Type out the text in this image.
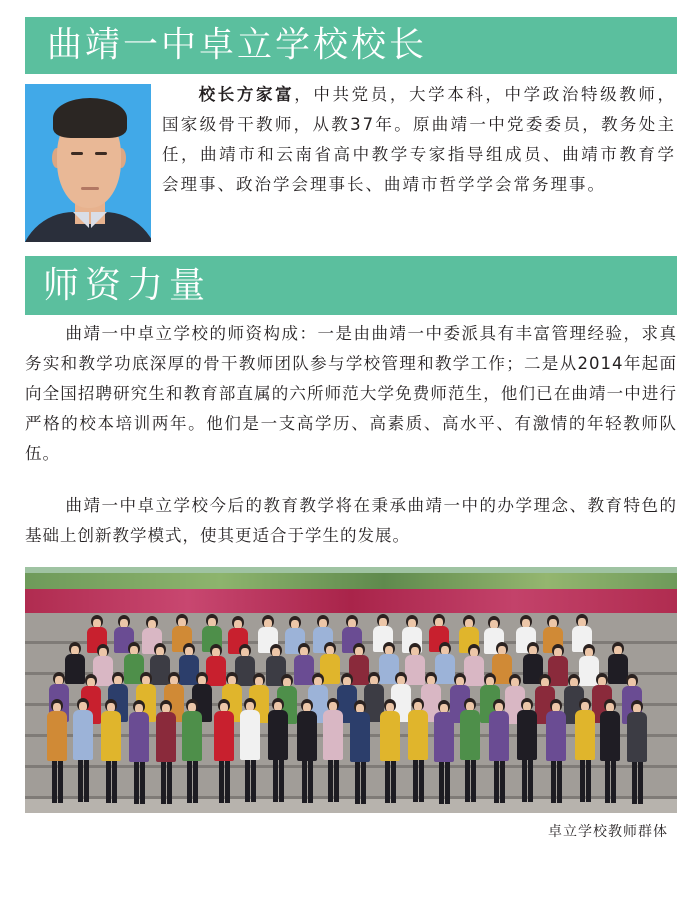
曲靖一中卓立学校校长
校长方家富，中共党员，大学本科，中学政治特级教师，国家级骨干教师，从教37年。原曲靖一中党委委员，教务处主任，曲靖市和云南省高中教学专家指导组成员、曲靖市教育学会理事、政治学会理事长、曲靖市哲学学会常务理事。
师资力量
曲靖一中卓立学校的师资构成：一是由曲靖一中委派具有丰富管理经验，求真务实和教学功底深厚的骨干教师团队参与学校管理和教学工作；二是从2014年起面向全国招聘研究生和教育部直属的六所师范大学免费师范生，他们已在曲靖一中进行严格的校本培训两年。他们是一支高学历、高素质、高水平、有激情的年轻教师队伍。
曲靖一中卓立学校今后的教育教学将在秉承曲靖一中的办学理念、教育特色的基础上创新教学模式，使其更适合于学生的发展。
卓立学校教师群体
